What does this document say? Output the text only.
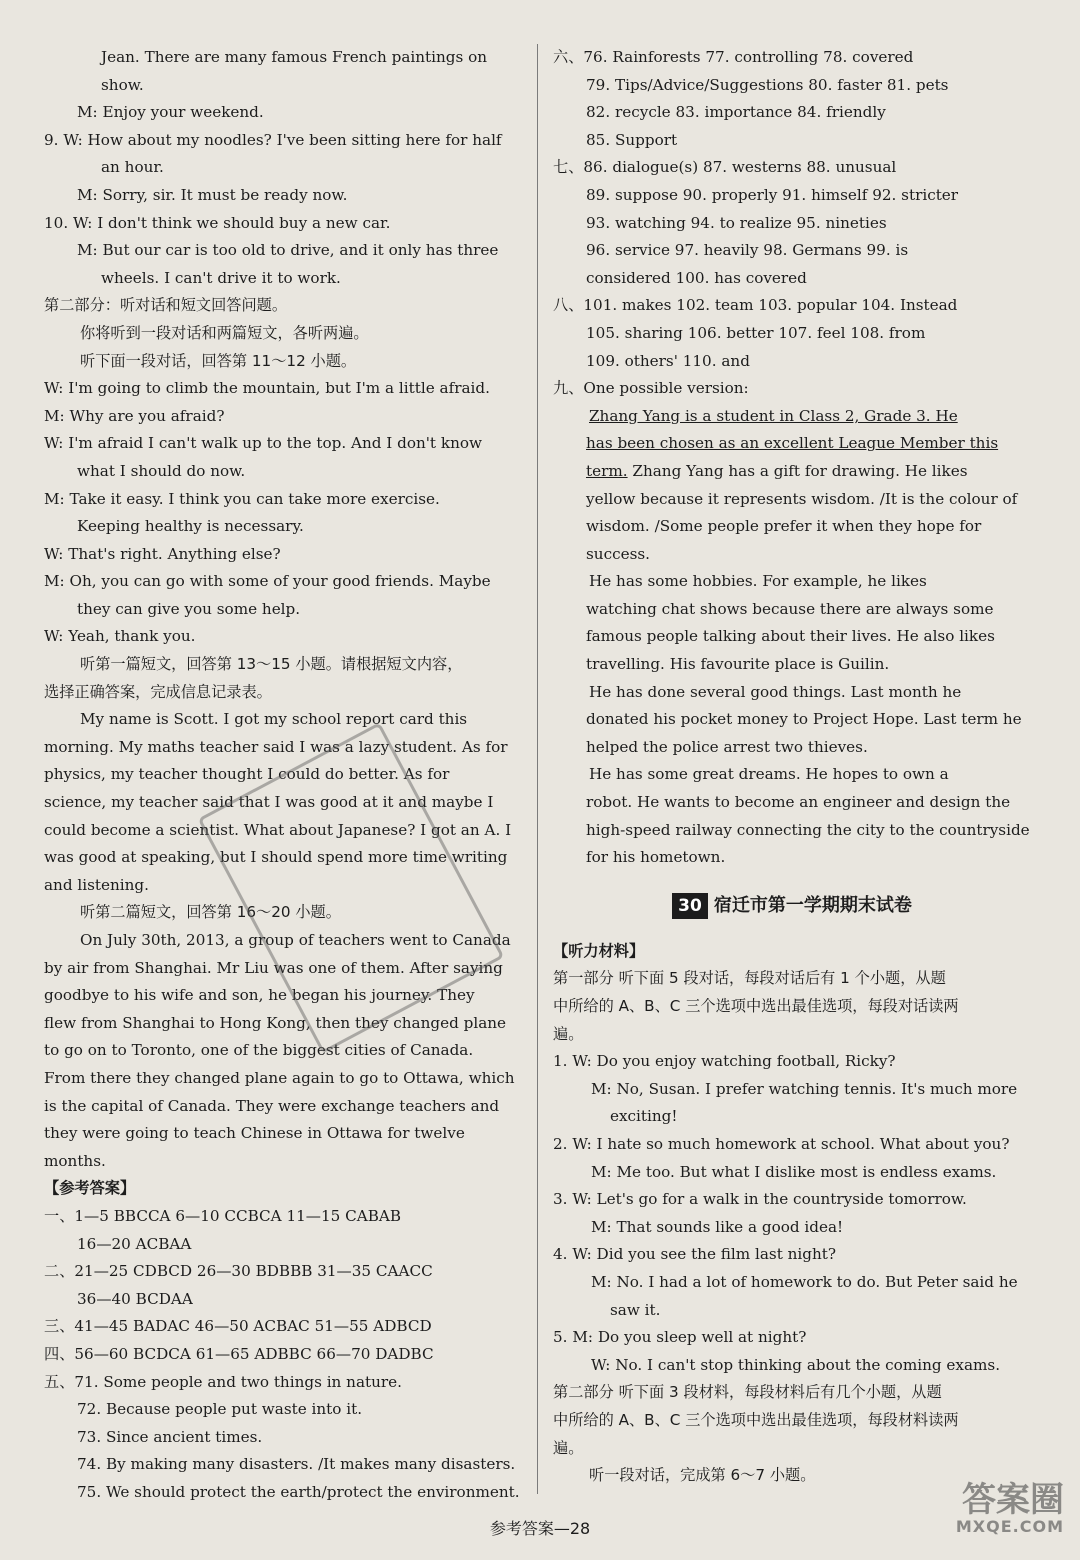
Jean. There are many famous French paintings on
show.
M: Enjoy your weekend.
9. W: How about my noodles? I've been sitting here for half
an hour.
M: Sorry, sir. It must be ready now.
10. W: I don't think we should buy a new car.
M: But our car is too old to drive, and it only has three
wheels. I can't drive it to work.
第二部分：听对话和短文回答问题。
你将听到一段对话和两篇短文，各听两遍。
听下面一段对话，回答第 11～12 小题。
W: I'm going to climb the mountain, but I'm a little afraid.
M: Why are you afraid?
W: I'm afraid I can't walk up to the top. And I don't know
what I should do now.
M: Take it easy. I think you can take more exercise.
Keeping healthy is necessary.
W: That's right. Anything else?
M: Oh, you can go with some of your good friends. Maybe
they can give you some help.
W: Yeah, thank you.
听第一篇短文，回答第 13～15 小题。请根据短文内容，
选择正确答案，完成信息记录表。
My name is Scott. I got my school report card this
morning. My maths teacher said I was a lazy student. As for
physics, my teacher thought I could do better. As for
science, my teacher said that I was good at it and maybe I
could become a scientist. What about Japanese? I got an A. I
was good at speaking, but I should spend more time writing
and listening.
听第二篇短文，回答第 16～20 小题。
On July 30th, 2013, a group of teachers went to Canada
by air from Shanghai. Mr Liu was one of them. After saying
goodbye to his wife and son, he began his journey. They
flew from Shanghai to Hong Kong, then they changed plane
to go on to Toronto, one of the biggest cities of Canada.
From there they changed plane again to go to Ottawa, which
is the capital of Canada. They were exchange teachers and
they were going to teach Chinese in Ottawa for twelve
months.
【参考答案】
一、1—5 BBCCA 6—10 CCBCA 11—15 CABAB
16—20 ACBAA
二、21—25 CDBCD 26—30 BDBBB 31—35 CAACC
36—40 BCDAA
三、41—45 BADAC 46—50 ACBAC 51—55 ADBCD
四、56—60 BCDCA 61—65 ADBBC 66—70 DADBC
五、71. Some people and two things in nature.
72. Because people put waste into it.
73. Since ancient times.
74. By making many disasters. /It makes many disasters.
75. We should protect the earth/protect the environment.
六、76. Rainforests 77. controlling 78. covered
79. Tips/Advice/Suggestions 80. faster 81. pets
82. recycle 83. importance 84. friendly
85. Support
七、86. dialogue(s) 87. westerns 88. unusual
89. suppose 90. properly 91. himself 92. stricter
93. watching 94. to realize 95. nineties
96. service 97. heavily 98. Germans 99. is
considered 100. has covered
八、101. makes 102. team 103. popular 104. Instead
105. sharing 106. better 107. feel 108. from
109. others' 110. and
九、One possible version:
Zhang Yang is a student in Class 2, Grade 3. He
has been chosen as an excellent League Member this
term. Zhang Yang has a gift for drawing. He likes
yellow because it represents wisdom. /It is the colour of
wisdom. /Some people prefer it when they hope for
success.
He has some hobbies. For example, he likes
watching chat shows because there are always some
famous people talking about their lives. He also likes
travelling. His favourite place is Guilin.
He has done several good things. Last month he
donated his pocket money to Project Hope. Last term he
helped the police arrest two thieves.
He has some great dreams. He hopes to own a
robot. He wants to become an engineer and design the
high-speed railway connecting the city to the countryside
for his hometown.
30 宿迁市第一学期期末试卷
【听力材料】
第一部分 听下面 5 段对话，每段对话后有 1 个小题，从题
中所给的 A、B、C 三个选项中选出最佳选项，每段对话读两
遍。
1. W: Do you enjoy watching football, Ricky?
M: No, Susan. I prefer watching tennis. It's much more
exciting!
2. W: I hate so much homework at school. What about you?
M: Me too. But what I dislike most is endless exams.
3. W: Let's go for a walk in the countryside tomorrow.
M: That sounds like a good idea!
4. W: Did you see the film last night?
M: No. I had a lot of homework to do. But Peter said he
saw it.
5. M: Do you sleep well at night?
W: No. I can't stop thinking about the coming exams.
第二部分 听下面 3 段材料，每段材料后有几个小题，从题
中所给的 A、B、C 三个选项中选出最佳选项，每段材料读两
遍。
听一段对话，完成第 6～7 小题。
参考答案—28
答案圈
MXQE.COM
